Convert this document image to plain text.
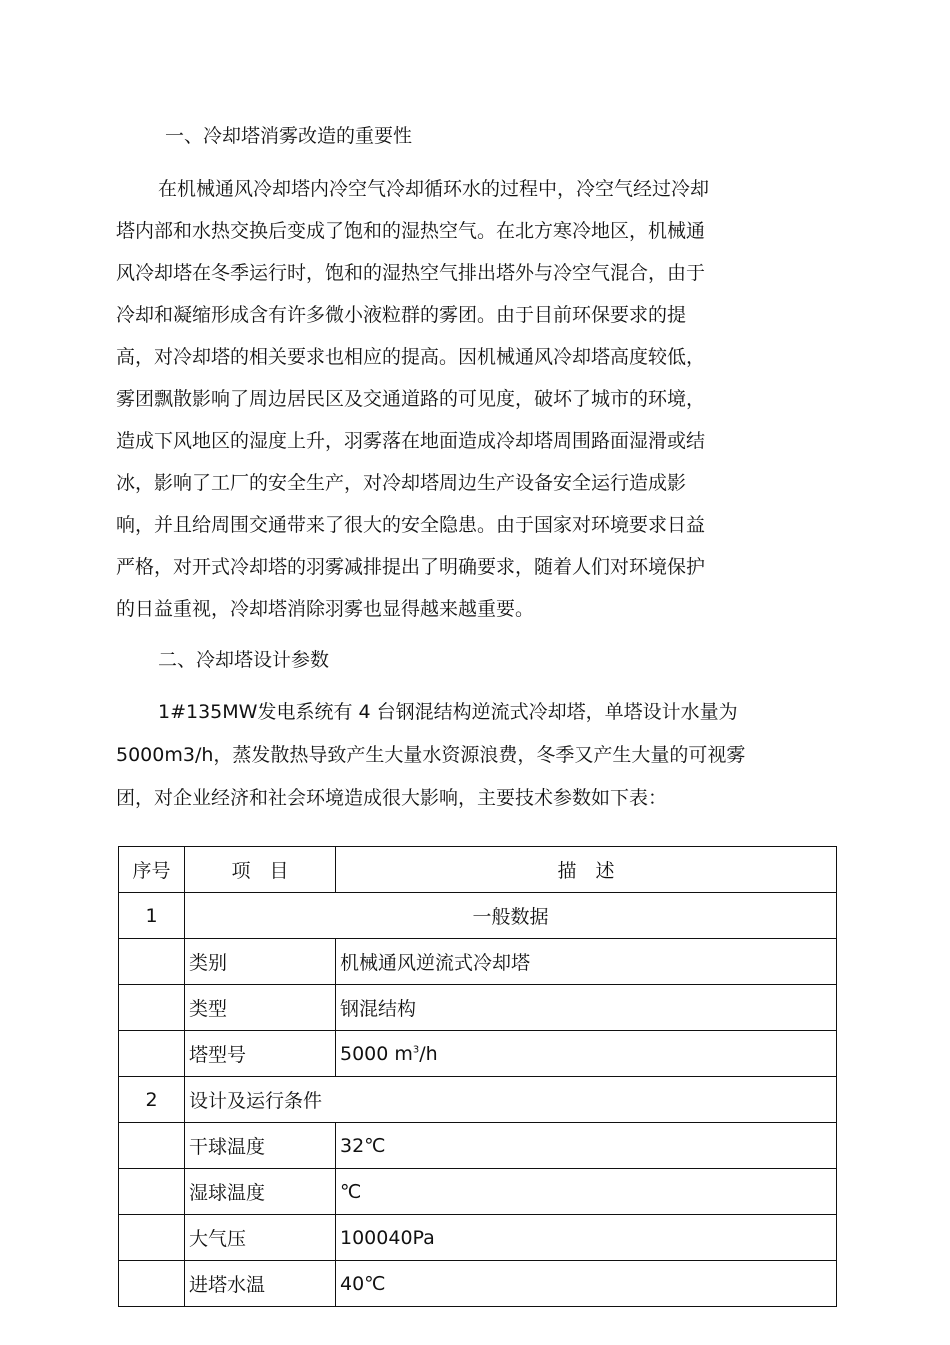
一、冷却塔消雾改造的重要性
在机械通风冷却塔内冷空气冷却循环水的过程中，冷空气经过冷却
塔内部和水热交换后变成了饱和的湿热空气。在北方寒冷地区，机械通
风冷却塔在冬季运行时，饱和的湿热空气排出塔外与冷空气混合，由于
冷却和凝缩形成含有许多微小液粒群的雾团。由于目前环保要求的提
高，对冷却塔的相关要求也相应的提高。因机械通风冷却塔高度较低，
雾团飘散影响了周边居民区及交通道路的可见度，破坏了城市的环境，
造成下风地区的湿度上升，羽雾落在地面造成冷却塔周围路面湿滑或结
冰，影响了工厂的安全生产，对冷却塔周边生产设备安全运行造成影
响，并且给周围交通带来了很大的安全隐患。由于国家对环境要求日益
严格，对开式冷却塔的羽雾减排提出了明确要求，随着人们对环境保护
的日益重视，冷却塔消除羽雾也显得越来越重要。
二、冷却塔设计参数
1#135MW发电系统有 4 台钢混结构逆流式冷却塔，单塔设计水量为
5000m3/h，蒸发散热导致产生大量水资源浪费，冬季又产生大量的可视雾
团，对企业经济和社会环境造成很大影响，主要技术参数如下表：
序号	项　目	描　述
1	一般数据	
	类别	机械通风逆流式冷却塔
	类型	钢混结构
	塔型号	5000 $m^3/h$
2	设计及运行条件	
	干球温度	32℃
	湿球温度	℃
	大气压	100040Pa
	进塔水温	40℃
